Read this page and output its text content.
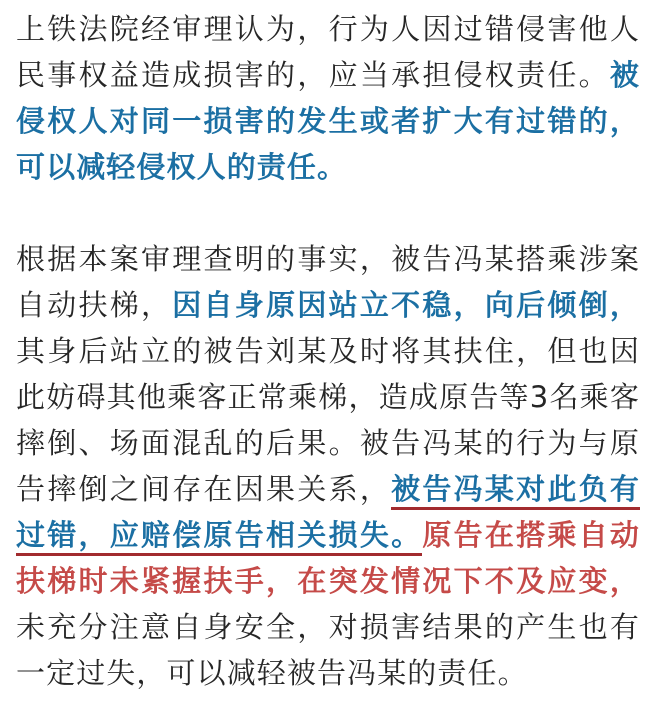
上铁法院经审理认为，行为人因过错侵害他人民事权益造成损害的，应当承担侵权责任。被侵权人对同一损害的发生或者扩大有过错的，可以减轻侵权人的责任。

根据本案审理查明的事实，被告冯某搭乘涉案自动扶梯，因自身原因站立不稳，向后倾倒，其身后站立的被告刘某及时将其扶住，但也因此妨碍其他乘客正常乘梯，造成原告等3名乘客摔倒、场面混乱的后果。被告冯某的行为与原告摔倒之间存在因果关系，被告冯某对此负有过错，应赔偿原告相关损失。原告在搭乘自动扶梯时未紧握扶手，在突发情况下不及应变，未充分注意自身安全，对损害结果的产生也有一定过失，可以减轻被告冯某的责任。
